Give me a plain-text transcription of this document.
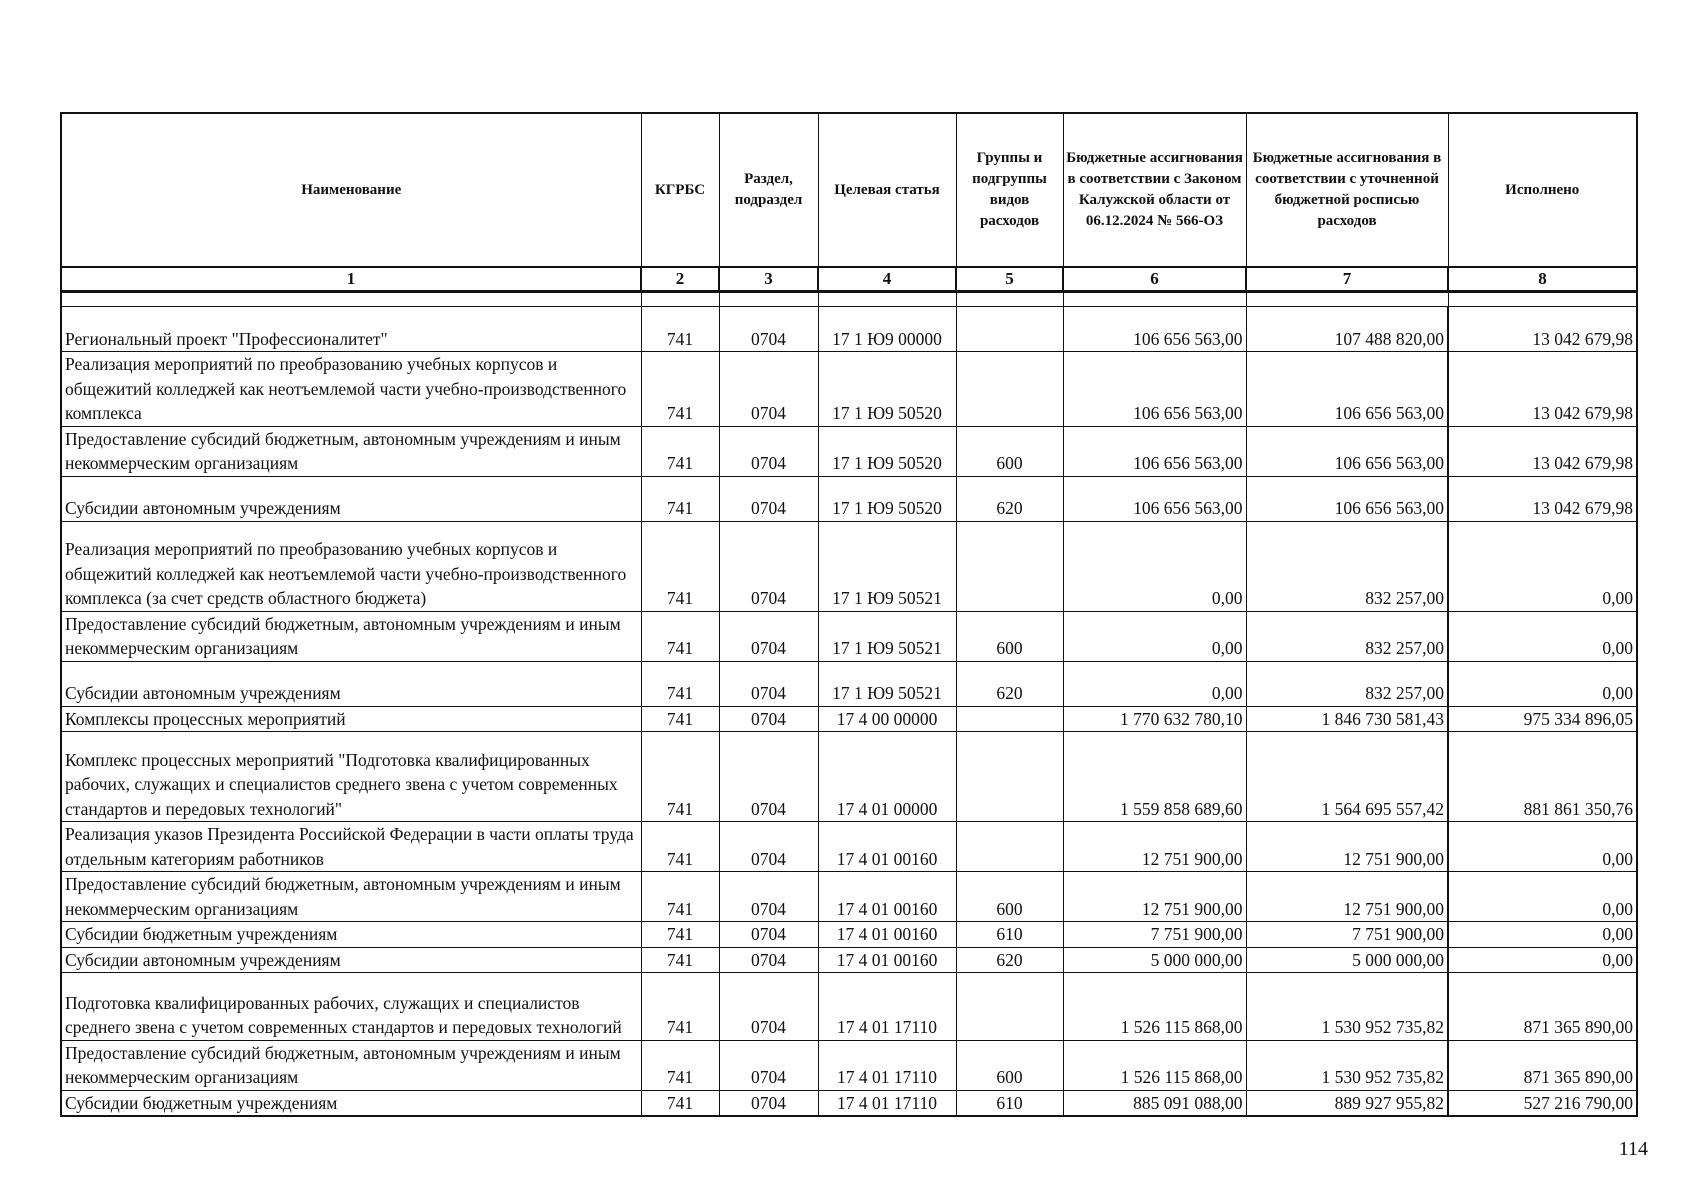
Наименование	КГРБС	Раздел, подраздел	Целевая статья	Группы и подгруппы видов расходов	Бюджетные ассигнования в соответствии с Законом Калужской области от 06.12.2024 № 566-ОЗ	Бюджетные ассигнования в соответствии с уточненной бюджетной росписью расходов	Исполнено
1	2	3	4	5	6	7	8

Региональный проект "Профессионалитет"	741	0704	17 1 Ю9 00000		106 656 563,00	107 488 820,00	13 042 679,98
Реализация мероприятий по преобразованию учебных корпусов и общежитий колледжей как неотъемлемой части учебно-производственного комплекса	741	0704	17 1 Ю9 50520		106 656 563,00	106 656 563,00	13 042 679,98
Предоставление субсидий бюджетным, автономным учреждениям и иным некоммерческим организациям	741	0704	17 1 Ю9 50520	600	106 656 563,00	106 656 563,00	13 042 679,98
Субсидии автономным учреждениям	741	0704	17 1 Ю9 50520	620	106 656 563,00	106 656 563,00	13 042 679,98
Реализация мероприятий по преобразованию учебных корпусов и общежитий колледжей как неотъемлемой части учебно-производственного комплекса (за счет средств областного бюджета)	741	0704	17 1 Ю9 50521		0,00	832 257,00	0,00
Предоставление субсидий бюджетным, автономным учреждениям и иным некоммерческим организациям	741	0704	17 1 Ю9 50521	600	0,00	832 257,00	0,00
Субсидии автономным учреждениям	741	0704	17 1 Ю9 50521	620	0,00	832 257,00	0,00
Комплексы процессных мероприятий	741	0704	17 4 00 00000		1 770 632 780,10	1 846 730 581,43	975 334 896,05
Комплекс процессных мероприятий "Подготовка квалифицированных рабочих, служащих и специалистов среднего звена с учетом современных стандартов и передовых технологий"	741	0704	17 4 01 00000		1 559 858 689,60	1 564 695 557,42	881 861 350,76
Реализация указов Президента Российской Федерации в части оплаты труда отдельным категориям работников	741	0704	17 4 01 00160		12 751 900,00	12 751 900,00	0,00
Предоставление субсидий бюджетным, автономным учреждениям и иным некоммерческим организациям	741	0704	17 4 01 00160	600	12 751 900,00	12 751 900,00	0,00
Субсидии бюджетным учреждениям	741	0704	17 4 01 00160	610	7 751 900,00	7 751 900,00	0,00
Субсидии автономным учреждениям	741	0704	17 4 01 00160	620	5 000 000,00	5 000 000,00	0,00
Подготовка квалифицированных рабочих, служащих и специалистов среднего звена с учетом современных стандартов и передовых технологий	741	0704	17 4 01 17110		1 526 115 868,00	1 530 952 735,82	871 365 890,00
Предоставление субсидий бюджетным, автономным учреждениям и иным некоммерческим организациям	741	0704	17 4 01 17110	600	1 526 115 868,00	1 530 952 735,82	871 365 890,00
Субсидии бюджетным учреждениям	741	0704	17 4 01 17110	610	885 091 088,00	889 927 955,82	527 216 790,00
114
